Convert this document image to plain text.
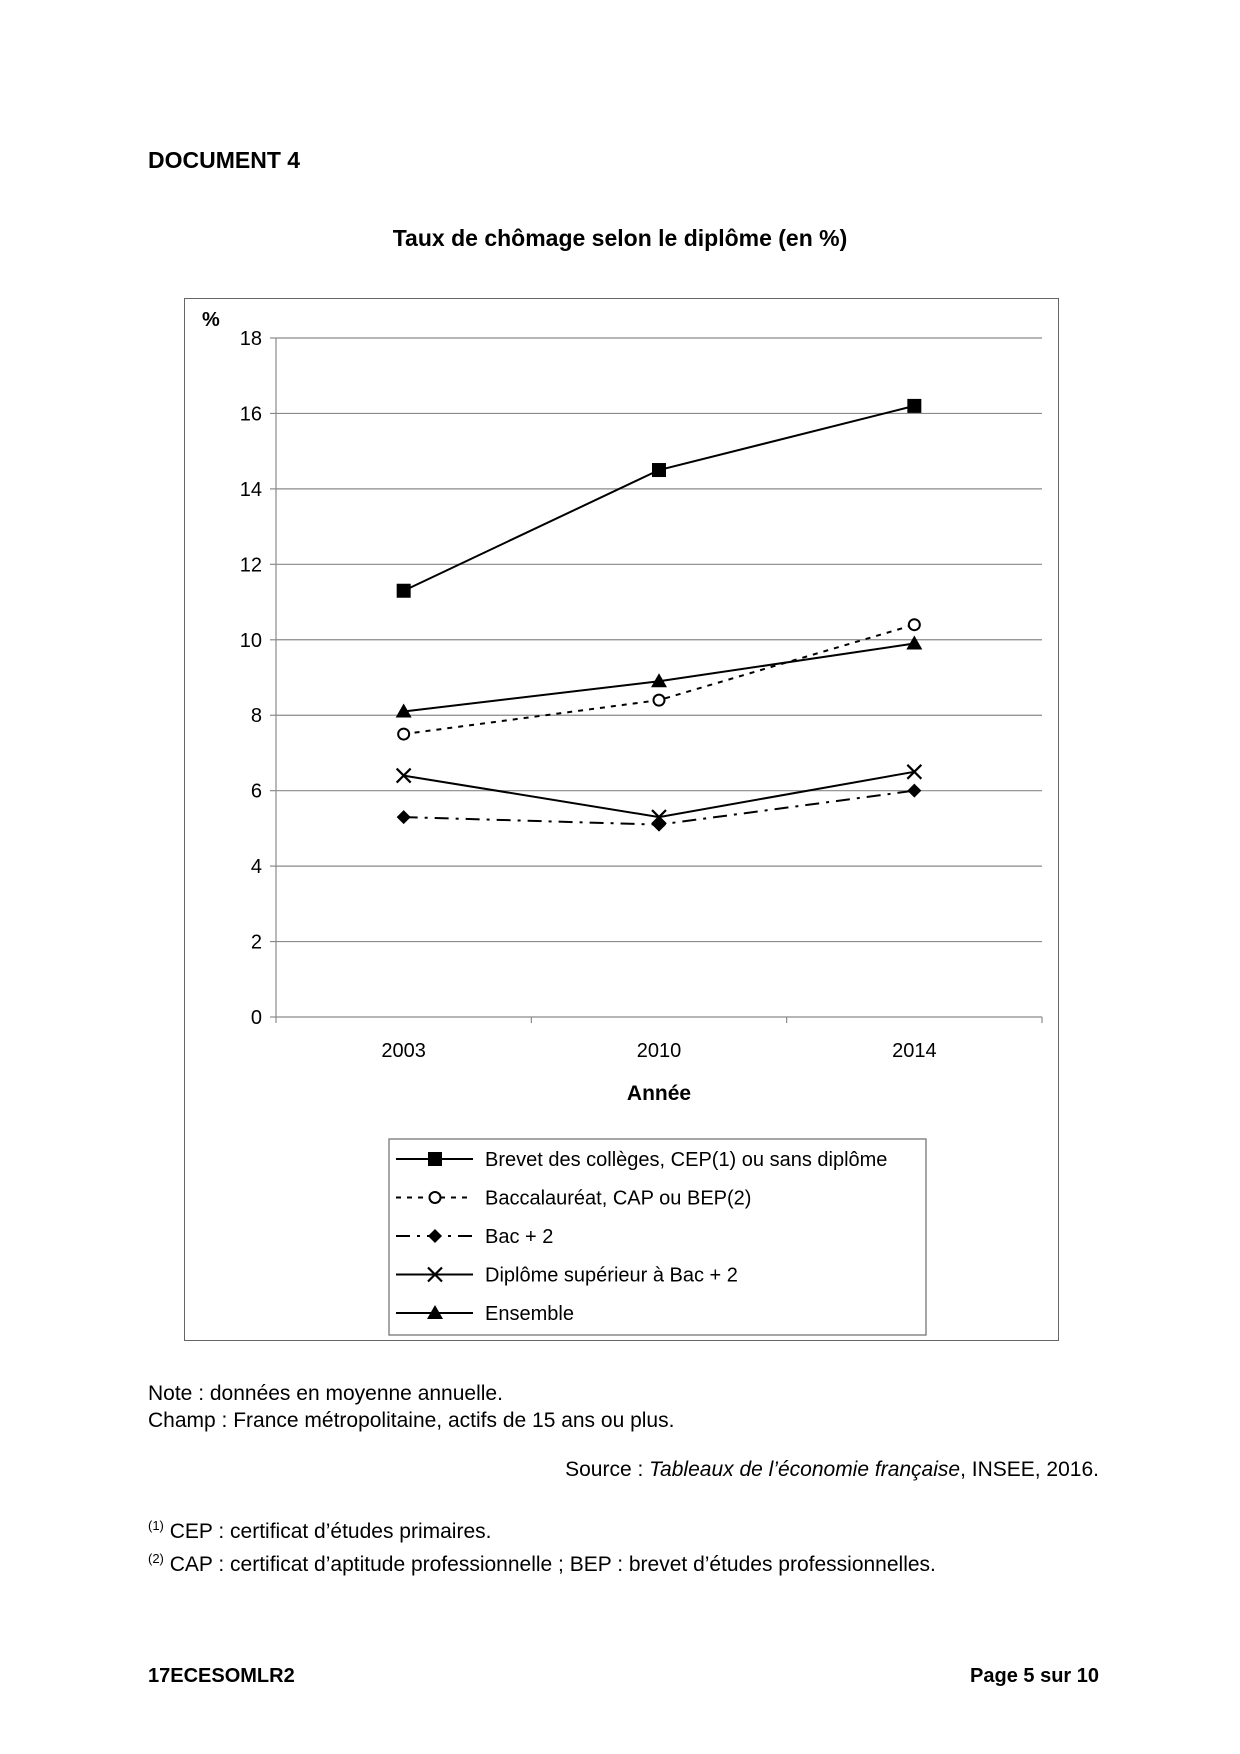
DOCUMENT 4
Taux de chômage selon le diplôme (en %)
0
2
4
6
8
10
12
14
16
18
2003	2010	2014
%
Année
Brevet des collèges, CEP(1) ou sans diplôme
Baccalauréat, CAP ou BEP(2)
Bac + 2
Diplôme supérieur à Bac + 2
Ensemble
Note : données en moyenne annuelle.
Champ : France métropolitaine, actifs de 15 ans ou plus.
Source : Tableaux de l’économie française, INSEE, 2016.
$^{(1)}$ CEP : certificat d’études primaires.
$^{(2)}$ CAP : certificat d’aptitude professionnelle ; BEP : brevet d’études professionnelles.
17ECESOMLR2	Page 5 sur 10
